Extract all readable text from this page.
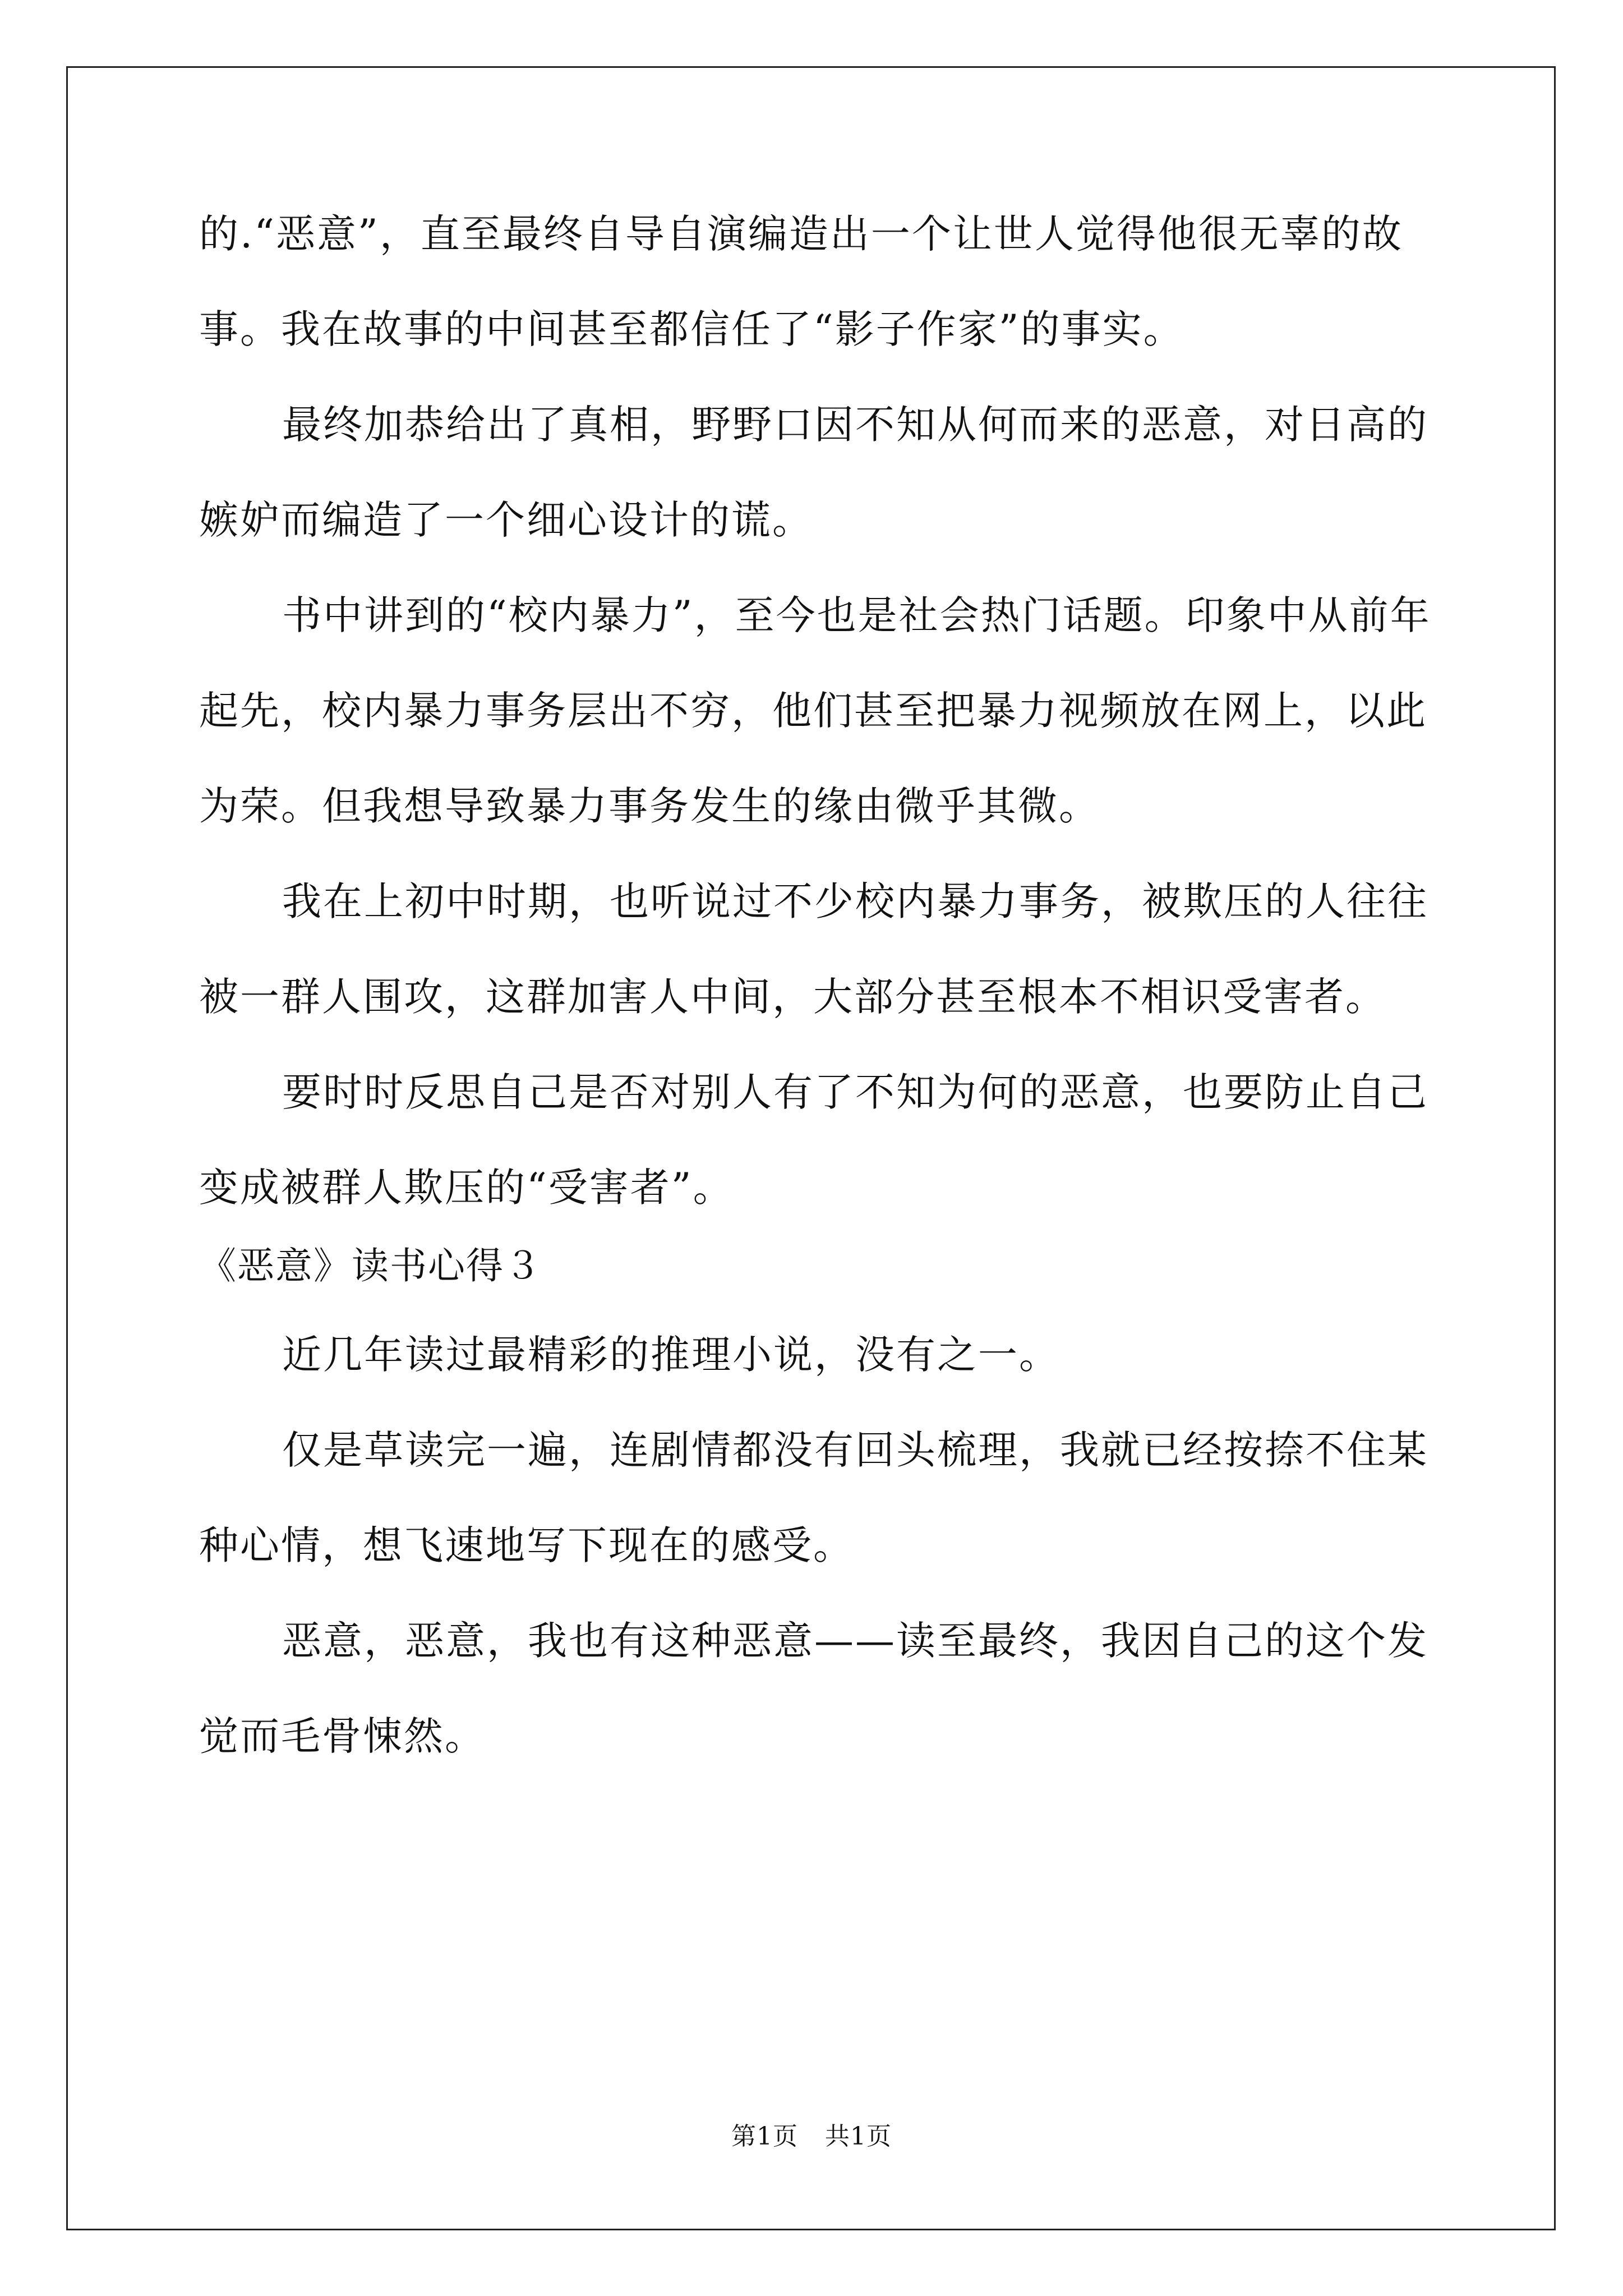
的.“恶意”，直至最终自导自演编造出一个让世人觉得他很无辜的故
事。我在故事的中间甚至都信任了“影子作家”的事实。
最终加恭给出了真相，野野口因不知从何而来的恶意，对日高的
嫉妒而编造了一个细心设计的谎。
书中讲到的“校内暴力”，至今也是社会热门话题。印象中从前年
起先，校内暴力事务层出不穷，他们甚至把暴力视频放在网上，以此
为荣。但我想导致暴力事务发生的缘由微乎其微。
我在上初中时期，也听说过不少校内暴力事务，被欺压的人往往
被一群人围攻，这群加害人中间，大部分甚至根本不相识受害者。
要时时反思自己是否对别人有了不知为何的恶意，也要防止自己
变成被群人欺压的“受害者”。
《恶意》读书心得３
近几年读过最精彩的推理小说，没有之一。
仅是草读完一遍，连剧情都没有回头梳理，我就已经按捺不住某
种心情，想飞速地写下现在的感受。
恶意，恶意，我也有这种恶意——读至最终，我因自己的这个发
觉而毛骨悚然。
第1页 共1页
